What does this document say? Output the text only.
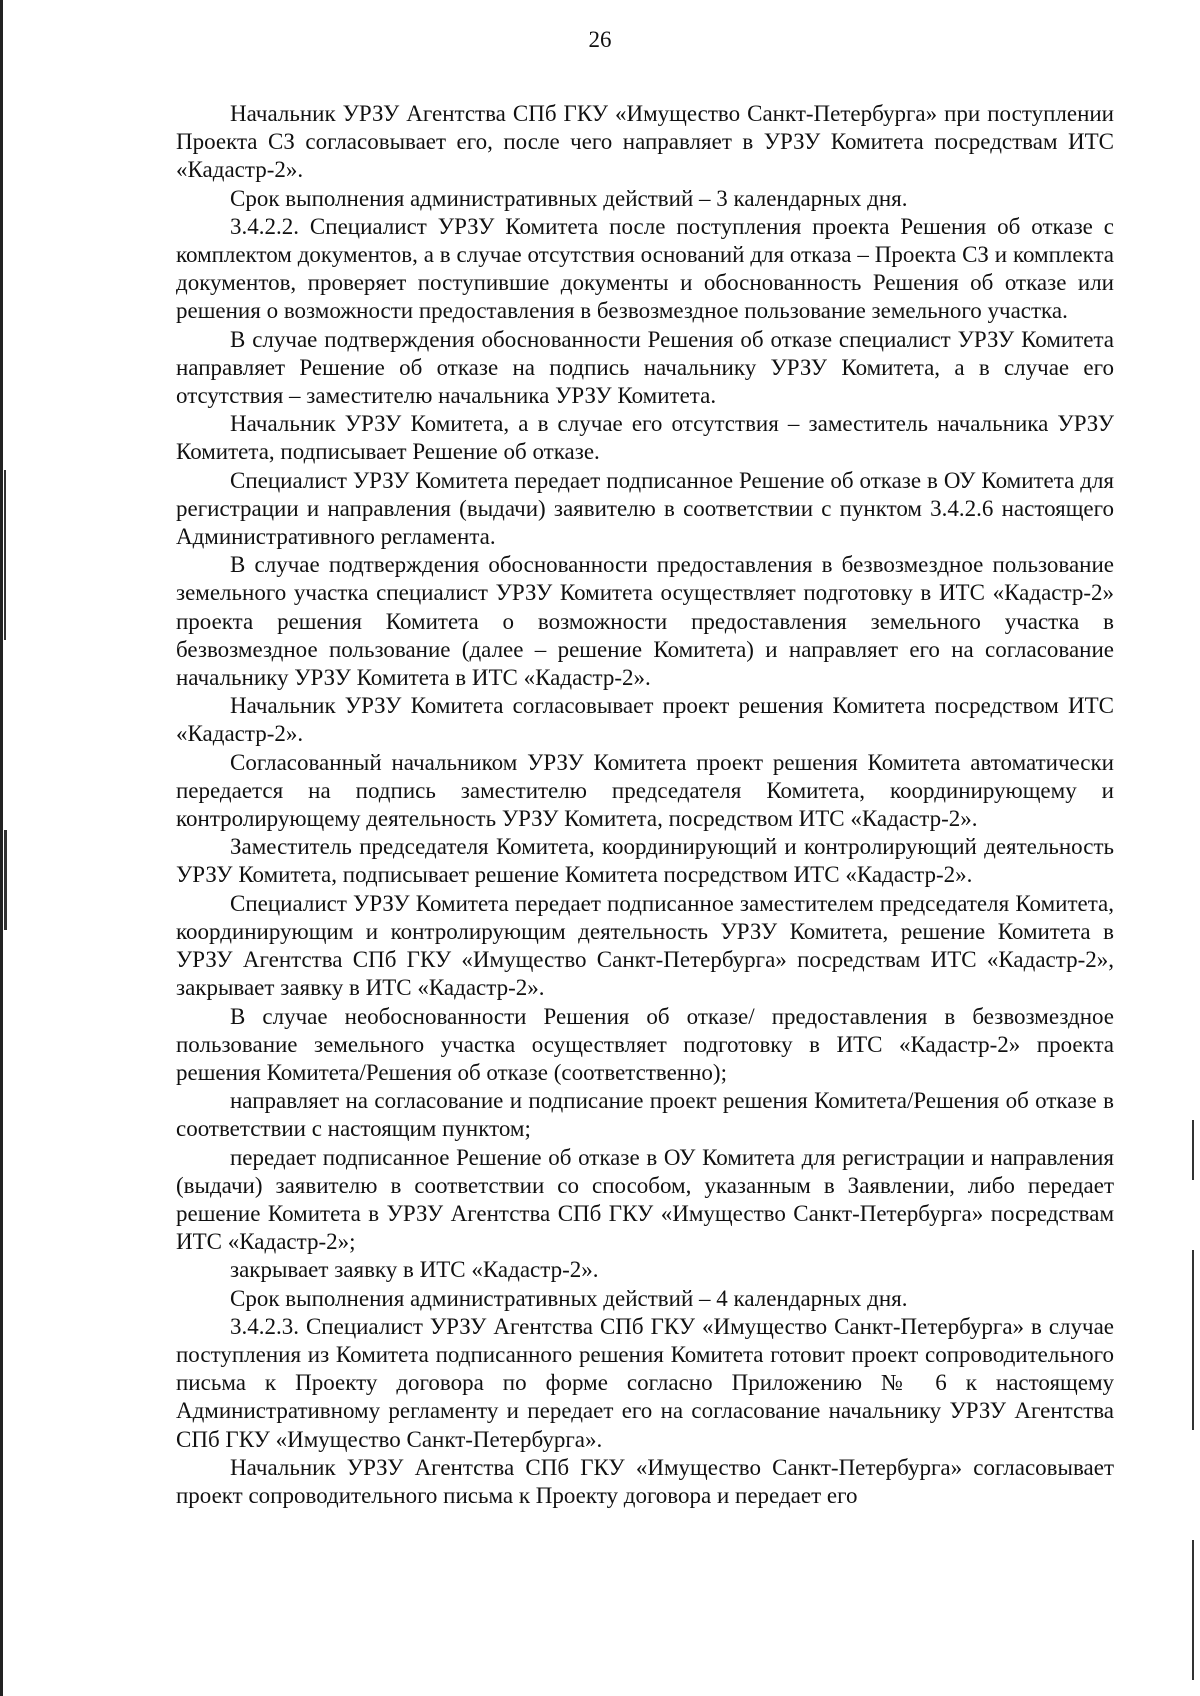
26

Начальник УРЗУ Агентства СПб ГКУ «Имущество Санкт-Петербурга» при поступлении Проекта СЗ согласовывает его, после чего направляет в УРЗУ Комитета посредствам ИТС «Кадастр-2».

Срок выполнения административных действий – 3 календарных дня.

3.4.2.2. Специалист УРЗУ Комитета после поступления проекта Решения об отказе с комплектом документов, а в случае отсутствия оснований для отказа – Проекта СЗ и комплекта документов, проверяет поступившие документы и обоснованность Решения об отказе или решения о возможности предоставления в безвозмездное пользование земельного участка.

В случае подтверждения обоснованности Решения об отказе специалист УРЗУ Комитета направляет Решение об отказе на подпись начальнику УРЗУ Комитета, а в случае его отсутствия – заместителю начальника УРЗУ Комитета.

Начальник УРЗУ Комитета, а в случае его отсутствия – заместитель начальника УРЗУ Комитета, подписывает Решение об отказе.

Специалист УРЗУ Комитета передает подписанное Решение об отказе в ОУ Комитета для регистрации и направления (выдачи) заявителю в соответствии с пунктом 3.4.2.6 настоящего Административного регламента.

В случае подтверждения обоснованности предоставления в безвозмездное пользование земельного участка специалист УРЗУ Комитета осуществляет подготовку в ИТС «Кадастр-2» проекта решения Комитета о возможности предоставления земельного участка в безвозмездное пользование (далее – решение Комитета) и направляет его на согласование начальнику УРЗУ Комитета в ИТС «Кадастр-2».

Начальник УРЗУ Комитета согласовывает проект решения Комитета посредством ИТС «Кадастр-2».

Согласованный начальником УРЗУ Комитета проект решения Комитета автоматически передается на подпись заместителю председателя Комитета, координирующему и контролирующему деятельность УРЗУ Комитета, посредством ИТС «Кадастр-2».

Заместитель председателя Комитета, координирующий и контролирующий деятельность УРЗУ Комитета, подписывает решение Комитета посредством ИТС «Кадастр-2».

Специалист УРЗУ Комитета передает подписанное заместителем председателя Комитета, координирующим и контролирующим деятельность УРЗУ Комитета, решение Комитета в УРЗУ Агентства СПб ГКУ «Имущество Санкт-Петербурга» посредствам ИТС «Кадастр-2», закрывает заявку в ИТС «Кадастр-2».

В случае необоснованности Решения об отказе/ предоставления в безвозмездное пользование земельного участка осуществляет подготовку в ИТС «Кадастр-2» проекта решения Комитета/Решения об отказе (соответственно);

направляет на согласование и подписание проект решения Комитета/Решения об отказе в соответствии с настоящим пунктом;

передает подписанное Решение об отказе в ОУ Комитета для регистрации и направления (выдачи) заявителю в соответствии со способом, указанным в Заявлении, либо передает решение Комитета в УРЗУ Агентства СПб ГКУ «Имущество Санкт-Петербурга» посредствам ИТС «Кадастр-2»;

закрывает заявку в ИТС «Кадастр-2».

Срок выполнения административных действий – 4 календарных дня.

3.4.2.3. Специалист УРЗУ Агентства СПб ГКУ «Имущество Санкт-Петербурга» в случае поступления из Комитета подписанного решения Комитета готовит проект сопроводительного письма к Проекту договора по форме согласно Приложению № 6 к настоящему Административному регламенту и передает его на согласование начальнику УРЗУ Агентства СПб ГКУ «Имущество Санкт-Петербурга».

Начальник УРЗУ Агентства СПб ГКУ «Имущество Санкт-Петербурга» согласовывает проект сопроводительного письма к Проекту договора и передает его
